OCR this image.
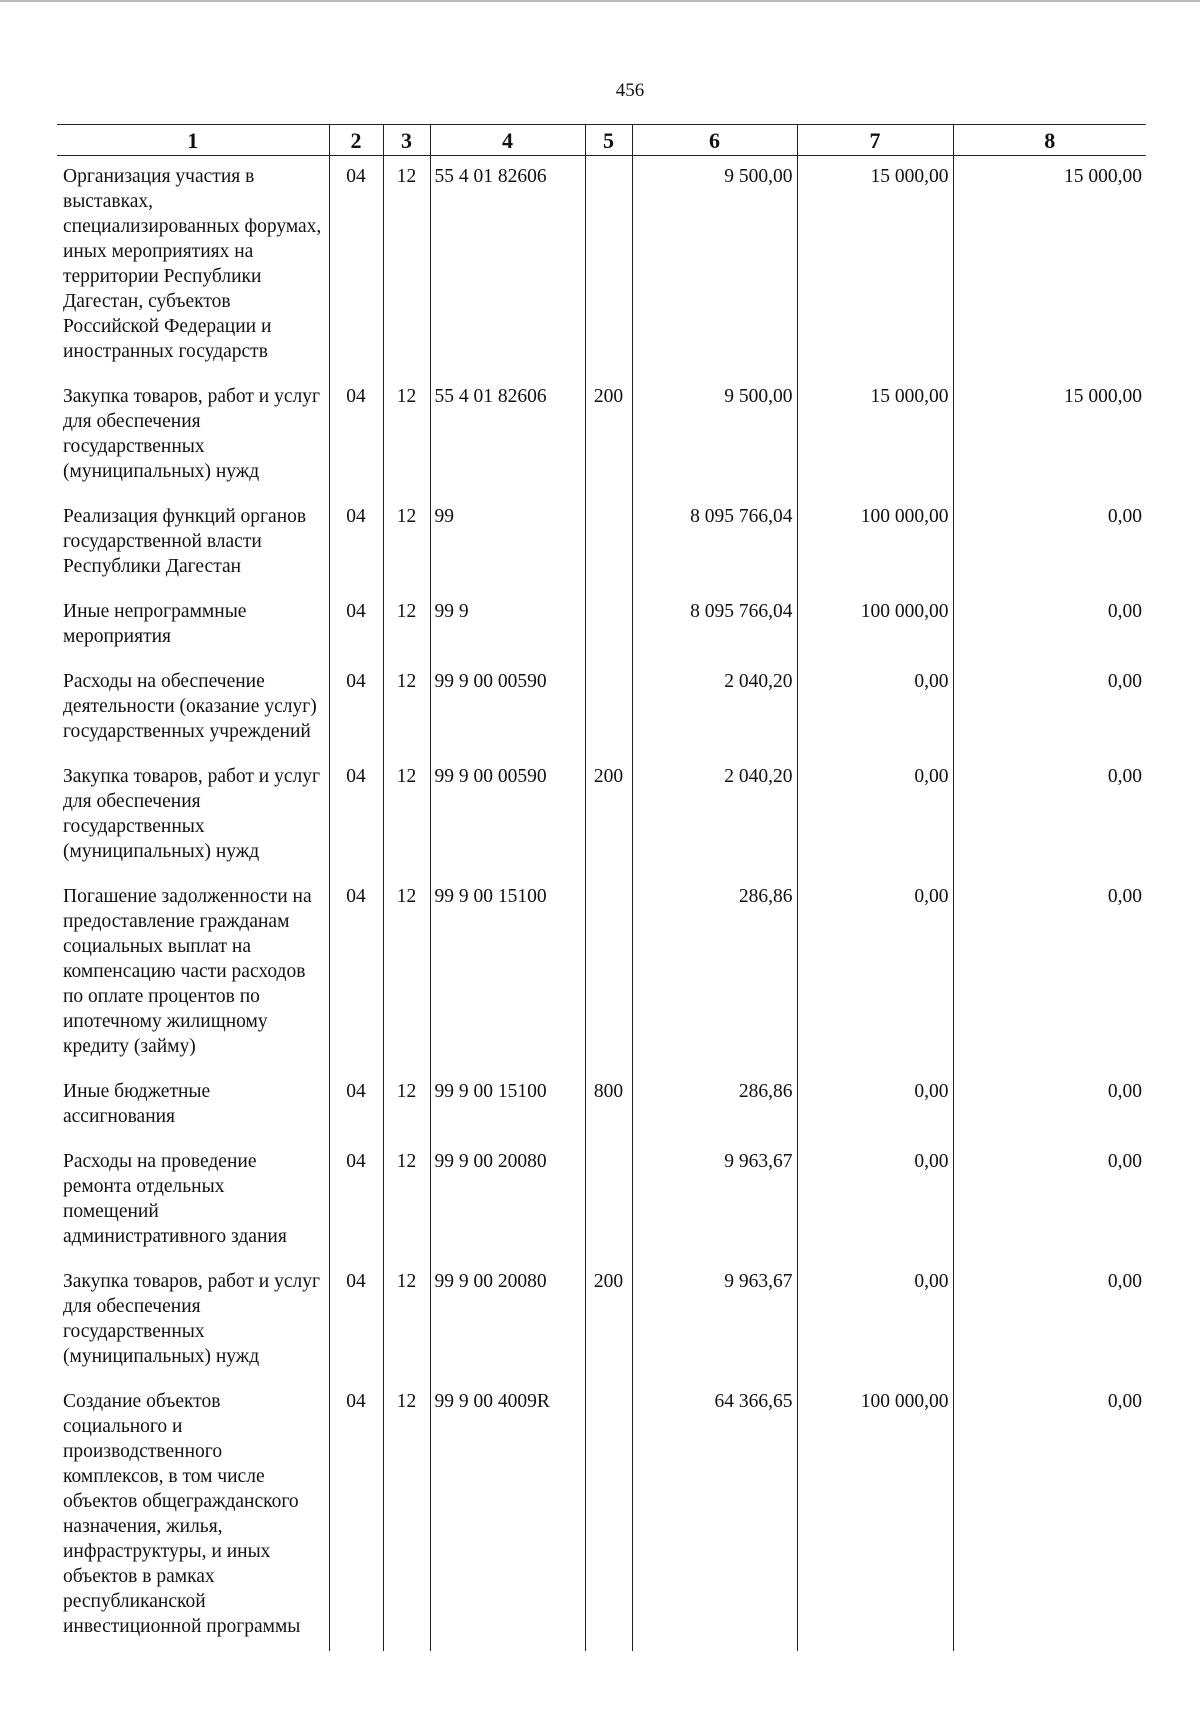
456
1	2	3	4	5	6	7	8
Организация участия в выставках, специализированных форумах, иных мероприятиях на территории Республики Дагестан, субъектов Российской Федерации и иностранных государств	04	12	55 4 01 82606		9 500,00	15 000,00	15 000,00
Закупка товаров, работ и услуг для обеспечения государственных (муниципальных) нужд	04	12	55 4 01 82606	200	9 500,00	15 000,00	15 000,00
Реализация функций органов государственной власти Республики Дагестан	04	12	99		8 095 766,04	100 000,00	0,00
Иные непрограммные мероприятия	04	12	99 9		8 095 766,04	100 000,00	0,00
Расходы на обеспечение деятельности (оказание услуг) государственных учреждений	04	12	99 9 00 00590		2 040,20	0,00	0,00
Закупка товаров, работ и услуг для обеспечения государственных (муниципальных) нужд	04	12	99 9 00 00590	200	2 040,20	0,00	0,00
Погашение задолженности на предоставление гражданам социальных выплат на компенсацию части расходов по оплате процентов по ипотечному жилищному кредиту (займу)	04	12	99 9 00 15100		286,86	0,00	0,00
Иные бюджетные ассигнования	04	12	99 9 00 15100	800	286,86	0,00	0,00
Расходы на проведение ремонта отдельных помещений административного здания	04	12	99 9 00 20080		9 963,67	0,00	0,00
Закупка товаров, работ и услуг для обеспечения государственных (муниципальных) нужд	04	12	99 9 00 20080	200	9 963,67	0,00	0,00
Создание объектов социального и производственного комплексов, в том числе объектов общегражданского назначения, жилья, инфраструктуры, и иных объектов в рамках республиканской инвестиционной программы	04	12	99 9 00 4009R		64 366,65	100 000,00	0,00
